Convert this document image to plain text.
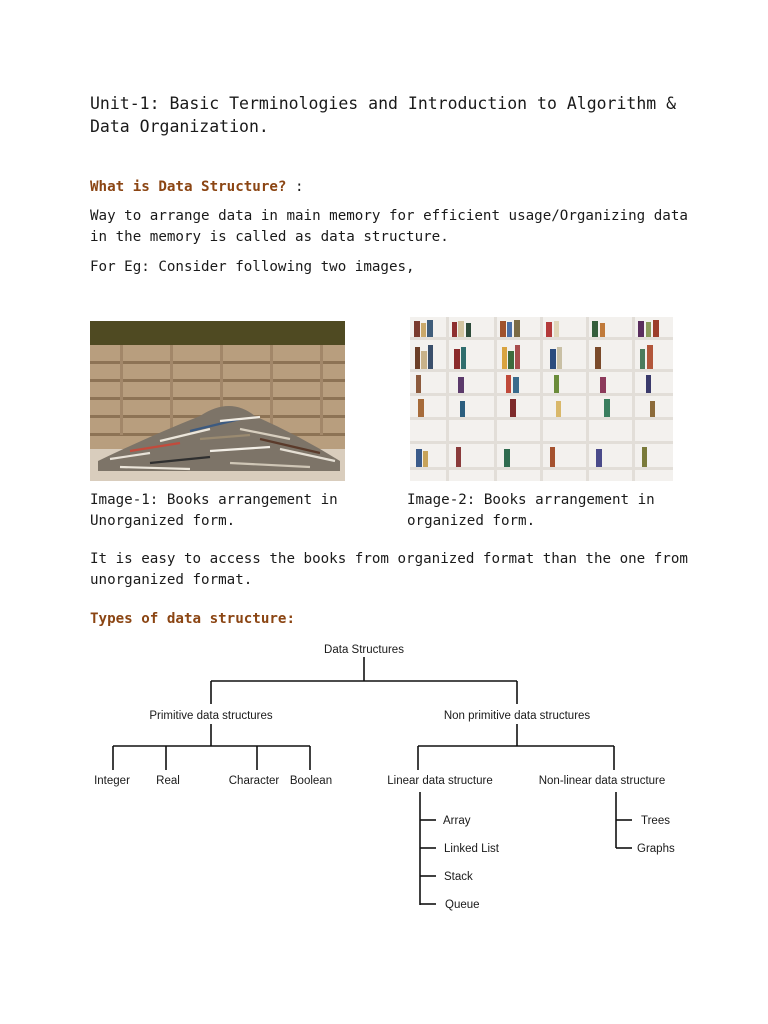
Unit-1: Basic Terminologies and Introduction to Algorithm &
Data Organization.

What is Data Structure? :

Way to arrange data in main memory for efficient usage/Organizing data in the memory is called as data structure.

For Eg: Consider following two images,

Image-1: Books arrangement in Unorganized form.

Image-2: Books arrangement in organized form.

It is easy to access the books from organized format than the one from unorganized format.

Types of data structure:

Data Structures
Primitive data structures	Non primitive data structures
Integer Real	Character Boolean	Linear data structure	Non-linear data structure
Array
Linked List
Stack
Queue
Trees
Graphs
